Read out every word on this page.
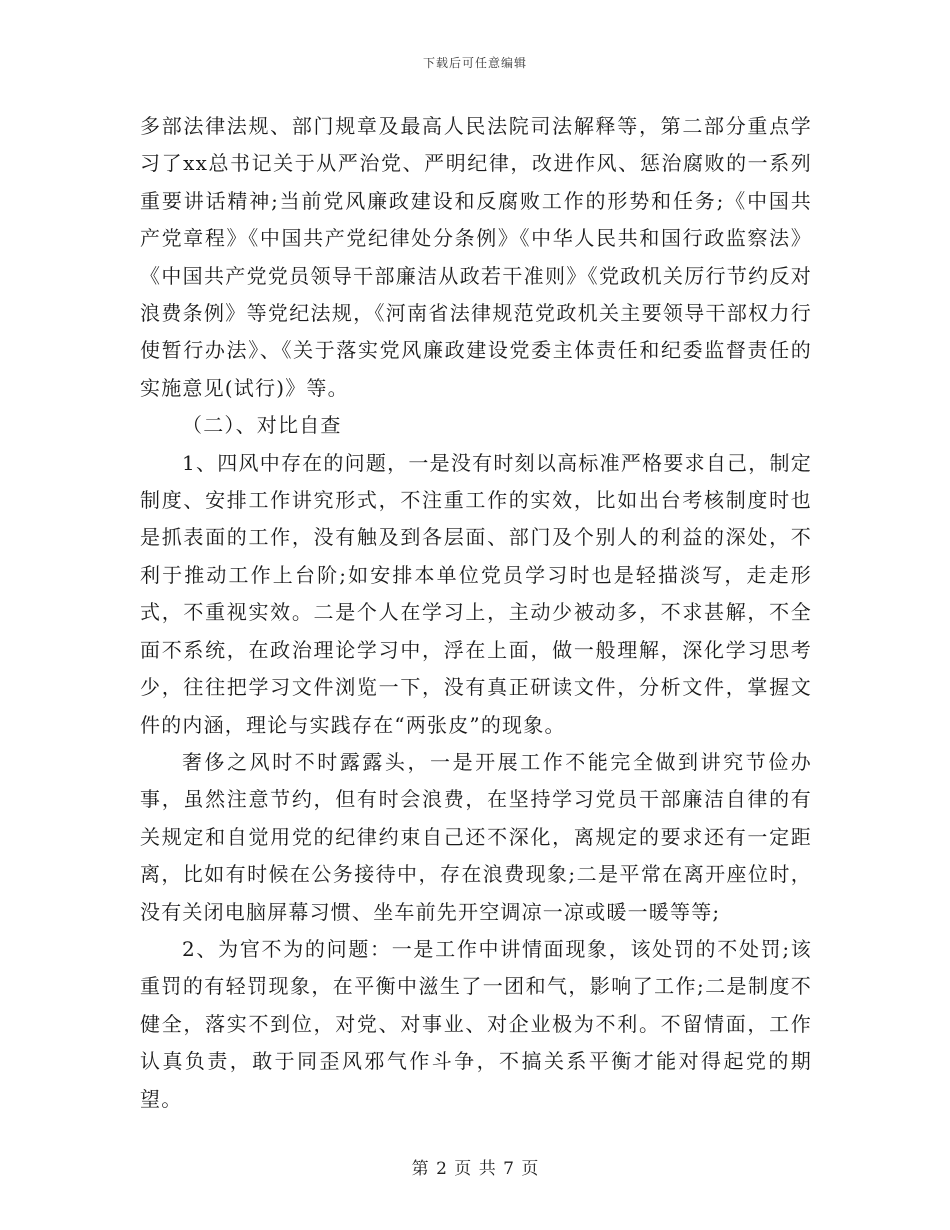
下载后可任意编辑

多部法律法规、部门规章及最高人民法院司法解释等，第二部分重点学习了xx总书记关于从严治党、严明纪律，改进作风、惩治腐败的一系列重要讲话精神;当前党风廉政建设和反腐败工作的形势和任务;《中国共产党章程》《中国共产党纪律处分条例》《中华人民共和国行政监察法》《中国共产党党员领导干部廉洁从政若干准则》《党政机关厉行节约反对浪费条例》等党纪法规，《河南省法律规范党政机关主要领导干部权力行使暂行办法》、《关于落实党风廉政建设党委主体责任和纪委监督责任的实施意见(试行)》等。

（二）、对比自查

1、四风中存在的问题，一是没有时刻以高标准严格要求自己，制定制度、安排工作讲究形式，不注重工作的实效，比如出台考核制度时也是抓表面的工作，没有触及到各层面、部门及个别人的利益的深处，不利于推动工作上台阶;如安排本单位党员学习时也是轻描淡写，走走形式，不重视实效。二是个人在学习上，主动少被动多，不求甚解，不全面不系统，在政治理论学习中，浮在上面，做一般理解，深化学习思考少，往往把学习文件浏览一下，没有真正研读文件，分析文件，掌握文件的内涵，理论与实践存在“两张皮”的现象。

奢侈之风时不时露露头，一是开展工作不能完全做到讲究节俭办事，虽然注意节约，但有时会浪费，在坚持学习党员干部廉洁自律的有关规定和自觉用党的纪律约束自己还不深化，离规定的要求还有一定距离，比如有时候在公务接待中，存在浪费现象;二是平常在离开座位时，没有关闭电脑屏幕习惯、坐车前先开空调凉一凉或暖一暖等等;

2、为官不为的问题：一是工作中讲情面现象，该处罚的不处罚;该重罚的有轻罚现象，在平衡中滋生了一团和气，影响了工作;二是制度不健全，落实不到位，对党、对事业、对企业极为不利。不留情面，工作认真负责，敢于同歪风邪气作斗争，不搞关系平衡才能对得起党的期望。

第 2 页 共 7 页
